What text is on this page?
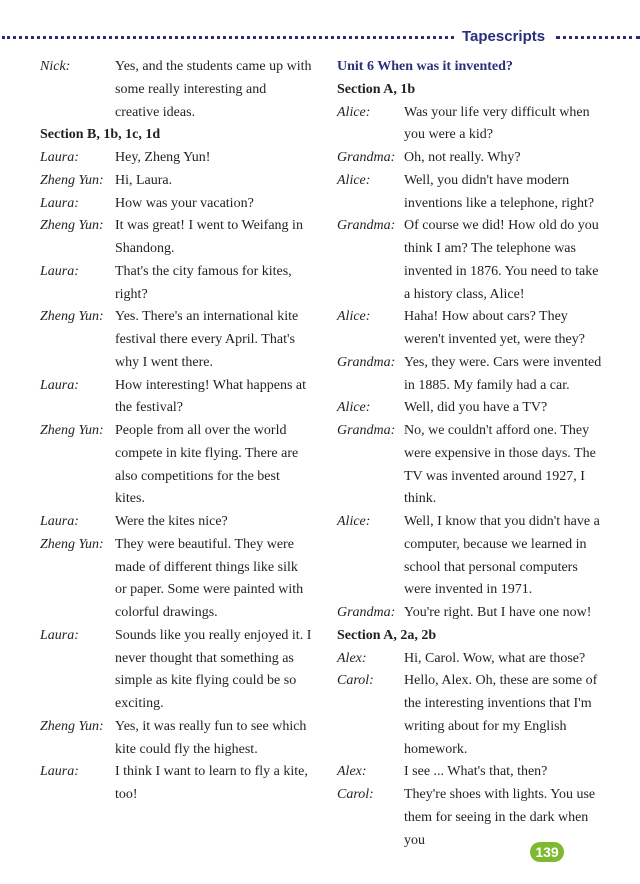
Tapescripts
Nick:	Yes, and the students came up with some really interesting and creative ideas.
Section B, 1b, 1c, 1d
Laura:	Hey, Zheng Yun!
Zheng Yun: Hi, Laura.
Laura:	How was your vacation?
Zheng Yun: It was great! I went to Weifang in Shandong.
Laura:	That's the city famous for kites, right?
Zheng Yun: Yes. There's an international kite festival there every April. That's why I went there.
Laura:	How interesting! What happens at the festival?
Zheng Yun: People from all over the world compete in kite flying. There are also competitions for the best kites.
Laura:	Were the kites nice?
Zheng Yun: They were beautiful. They were made of different things like silk or paper. Some were painted with colorful drawings.
Laura:	Sounds like you really enjoyed it. I never thought that something as simple as kite flying could be so exciting.
Zheng Yun: Yes, it was really fun to see which kite could fly the highest.
Laura:	I think I want to learn to fly a kite, too!
Unit 6 When was it invented?
Section A, 1b
Alice:	Was your life very difficult when you were a kid?
Grandma: Oh, not really. Why?
Alice:	Well, you didn't have modern inventions like a telephone, right?
Grandma: Of course we did! How old do you think I am? The telephone was invented in 1876. You need to take a history class, Alice!
Alice:	Haha! How about cars? They weren't invented yet, were they?
Grandma: Yes, they were. Cars were invented in 1885. My family had a car.
Alice:	Well, did you have a TV?
Grandma: No, we couldn't afford one. They were expensive in those days. The TV was invented around 1927, I think.
Alice:	Well, I know that you didn't have a computer, because we learned in school that personal computers were invented in 1971.
Grandma: You're right. But I have one now!
Section A, 2a, 2b
Alex:	Hi, Carol. Wow, what are those?
Carol:	Hello, Alex. Oh, these are some of the interesting inventions that I'm writing about for my English homework.
Alex:	I see ... What's that, then?
Carol:	They're shoes with lights. You use them for seeing in the dark when you
139
